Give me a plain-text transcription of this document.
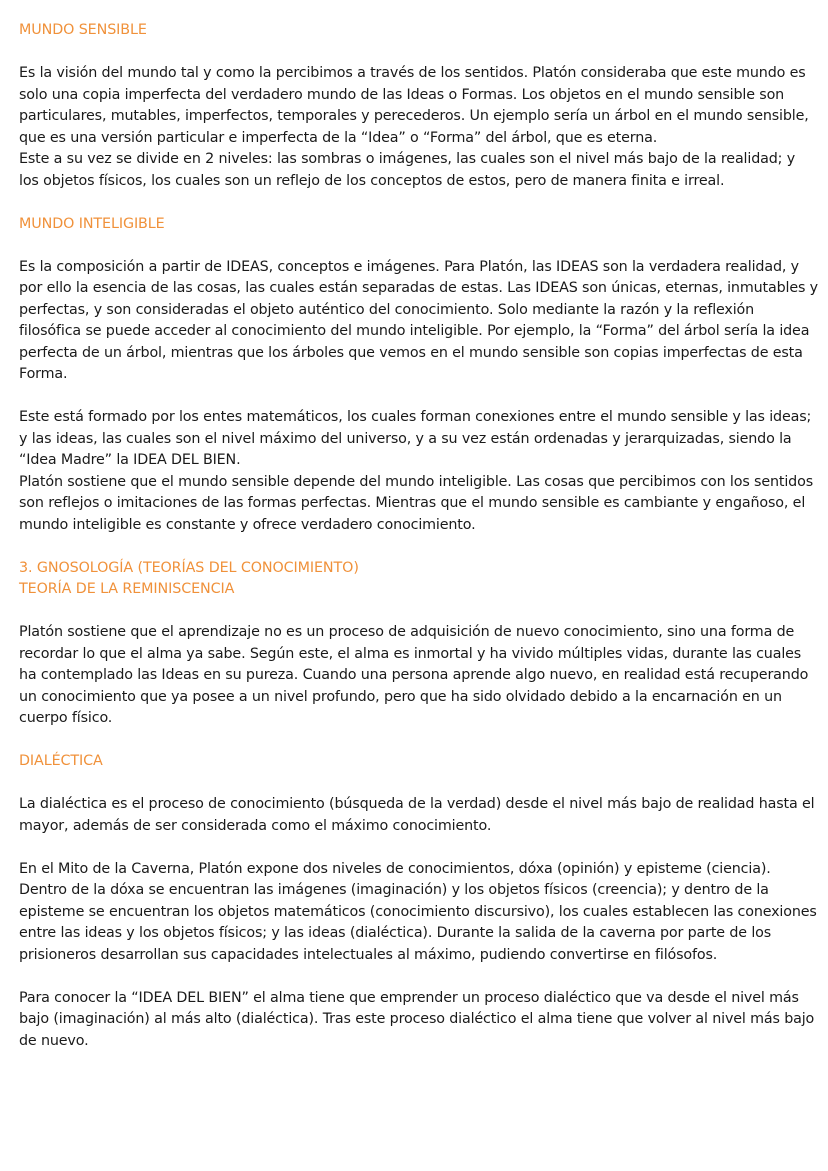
MUNDO SENSIBLE

Es la visión del mundo tal y como la percibimos a través de los sentidos. Platón consideraba que este mundo es solo una copia imperfecta del verdadero mundo de las Ideas o Formas. Los objetos en el mundo sensible son particulares, mutables, imperfectos, temporales y perecederos. Un ejemplo sería un árbol en el mundo sensible, que es una versión particular e imperfecta de la “Idea” o “Forma” del árbol, que es eterna.

Este a su vez se divide en 2 niveles: las sombras o imágenes, las cuales son el nivel más bajo de la realidad; y los objetos físicos, los cuales son un reflejo de los conceptos de estos, pero de manera finita e irreal.

MUNDO INTELIGIBLE

Es la composición a partir de IDEAS, conceptos e imágenes. Para Platón, las IDEAS son la verdadera realidad, y por ello la esencia de las cosas, las cuales están separadas de estas. Las IDEAS son únicas, eternas, inmutables y perfectas, y son consideradas el objeto auténtico del conocimiento. Solo mediante la razón y la reflexión filosófica se puede acceder al conocimiento del mundo inteligible. Por ejemplo, la “Forma” del árbol sería la idea perfecta de un árbol, mientras que los árboles que vemos en el mundo sensible son copias imperfectas de esta Forma.

Este está formado por los entes matemáticos, los cuales forman conexiones entre el mundo sensible y las ideas; y las ideas, las cuales son el nivel máximo del universo, y a su vez están ordenadas y jerarquizadas, siendo la “Idea Madre” la IDEA DEL BIEN.

Platón sostiene que el mundo sensible depende del mundo inteligible. Las cosas que percibimos con los sentidos son reflejos o imitaciones de las formas perfectas. Mientras que el mundo sensible es cambiante y engañoso, el mundo inteligible es constante y ofrece verdadero conocimiento.

3. GNOSOLOGÍA (TEORÍAS DEL CONOCIMIENTO)

TEORÍA DE LA REMINISCENCIA

Platón sostiene que el aprendizaje no es un proceso de adquisición de nuevo conocimiento, sino una forma de recordar lo que el alma ya sabe. Según este, el alma es inmortal y ha vivido múltiples vidas, durante las cuales ha contemplado las Ideas en su pureza. Cuando una persona aprende algo nuevo, en realidad está recuperando un conocimiento que ya posee a un nivel profundo, pero que ha sido olvidado debido a la encarnación en un cuerpo físico.

DIALÉCTICA

La dialéctica es el proceso de conocimiento (búsqueda de la verdad) desde el nivel más bajo de realidad hasta el mayor, además de ser considerada como el máximo conocimiento.

En el Mito de la Caverna, Platón expone dos niveles de conocimientos, dóxa (opinión) y episteme (ciencia). Dentro de la dóxa se encuentran las imágenes (imaginación) y los objetos físicos (creencia); y dentro de la episteme se encuentran los objetos matemáticos (conocimiento discursivo), los cuales establecen las conexiones entre las ideas y los objetos físicos; y las ideas (dialéctica). Durante la salida de la caverna por parte de los prisioneros desarrollan sus capacidades intelectuales al máximo, pudiendo convertirse en filósofos.

Para conocer la “IDEA DEL BIEN” el alma tiene que emprender un proceso dialéctico que va desde el nivel más bajo (imaginación) al más alto (dialéctica). Tras este proceso dialéctico el alma tiene que volver al nivel más bajo de nuevo.
